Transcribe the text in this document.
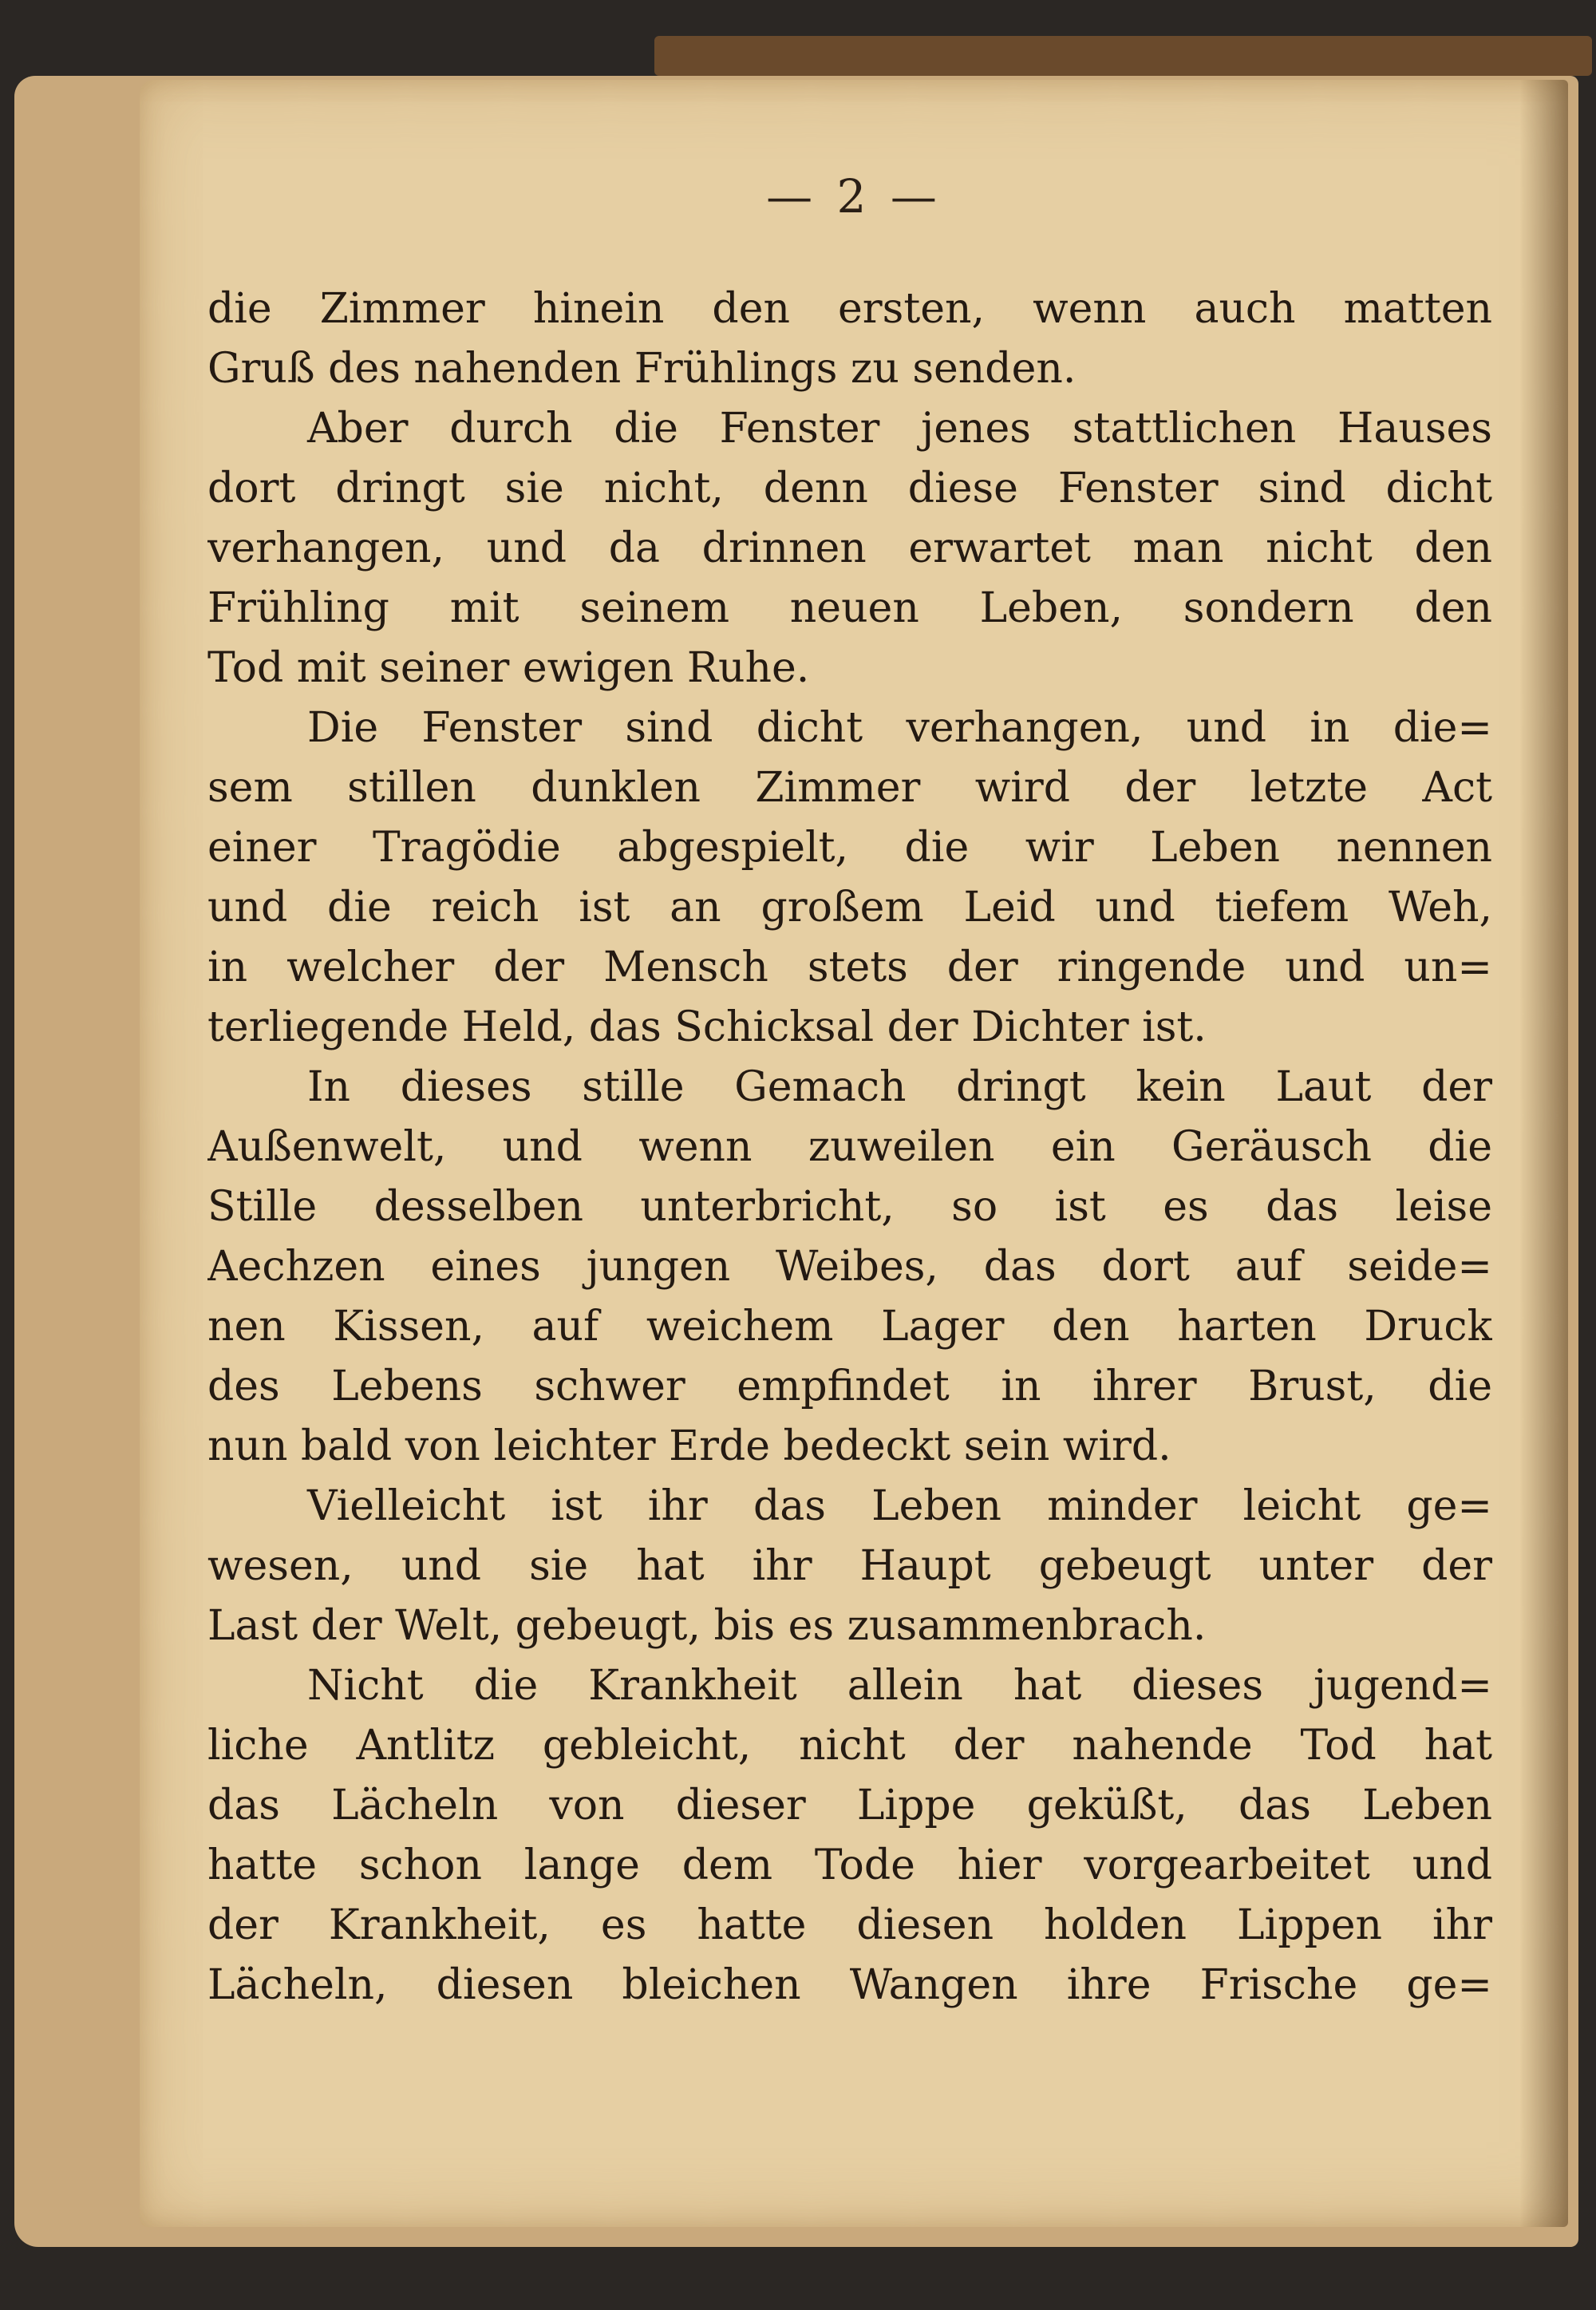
— 2 —
die Zimmer hinein den ersten, wenn auch matten
Gruß des nahenden Frühlings zu senden.
Aber durch die Fenster jenes stattlichen Hauses
dort dringt sie nicht, denn diese Fenster sind dicht
verhangen, und da drinnen erwartet man nicht den
Frühling mit seinem neuen Leben, sondern den
Tod mit seiner ewigen Ruhe.
Die Fenster sind dicht verhangen, und in die=
sem stillen dunklen Zimmer wird der letzte Act
einer Tragödie abgespielt, die wir Leben nennen
und die reich ist an großem Leid und tiefem Weh,
in welcher der Mensch stets der ringende und un=
terliegende Held, das Schicksal der Dichter ist.
In dieses stille Gemach dringt kein Laut der
Außenwelt, und wenn zuweilen ein Geräusch die
Stille desselben unterbricht, so ist es das leise
Aechzen eines jungen Weibes, das dort auf seide=
nen Kissen, auf weichem Lager den harten Druck
des Lebens schwer empfindet in ihrer Brust, die
nun bald von leichter Erde bedeckt sein wird.
Vielleicht ist ihr das Leben minder leicht ge=
wesen, und sie hat ihr Haupt gebeugt unter der
Last der Welt, gebeugt, bis es zusammenbrach.
Nicht die Krankheit allein hat dieses jugend=
liche Antlitz gebleicht, nicht der nahende Tod hat
das Lächeln von dieser Lippe geküßt, das Leben
hatte schon lange dem Tode hier vorgearbeitet und
der Krankheit, es hatte diesen holden Lippen ihr
Lächeln, diesen bleichen Wangen ihre Frische ge=
